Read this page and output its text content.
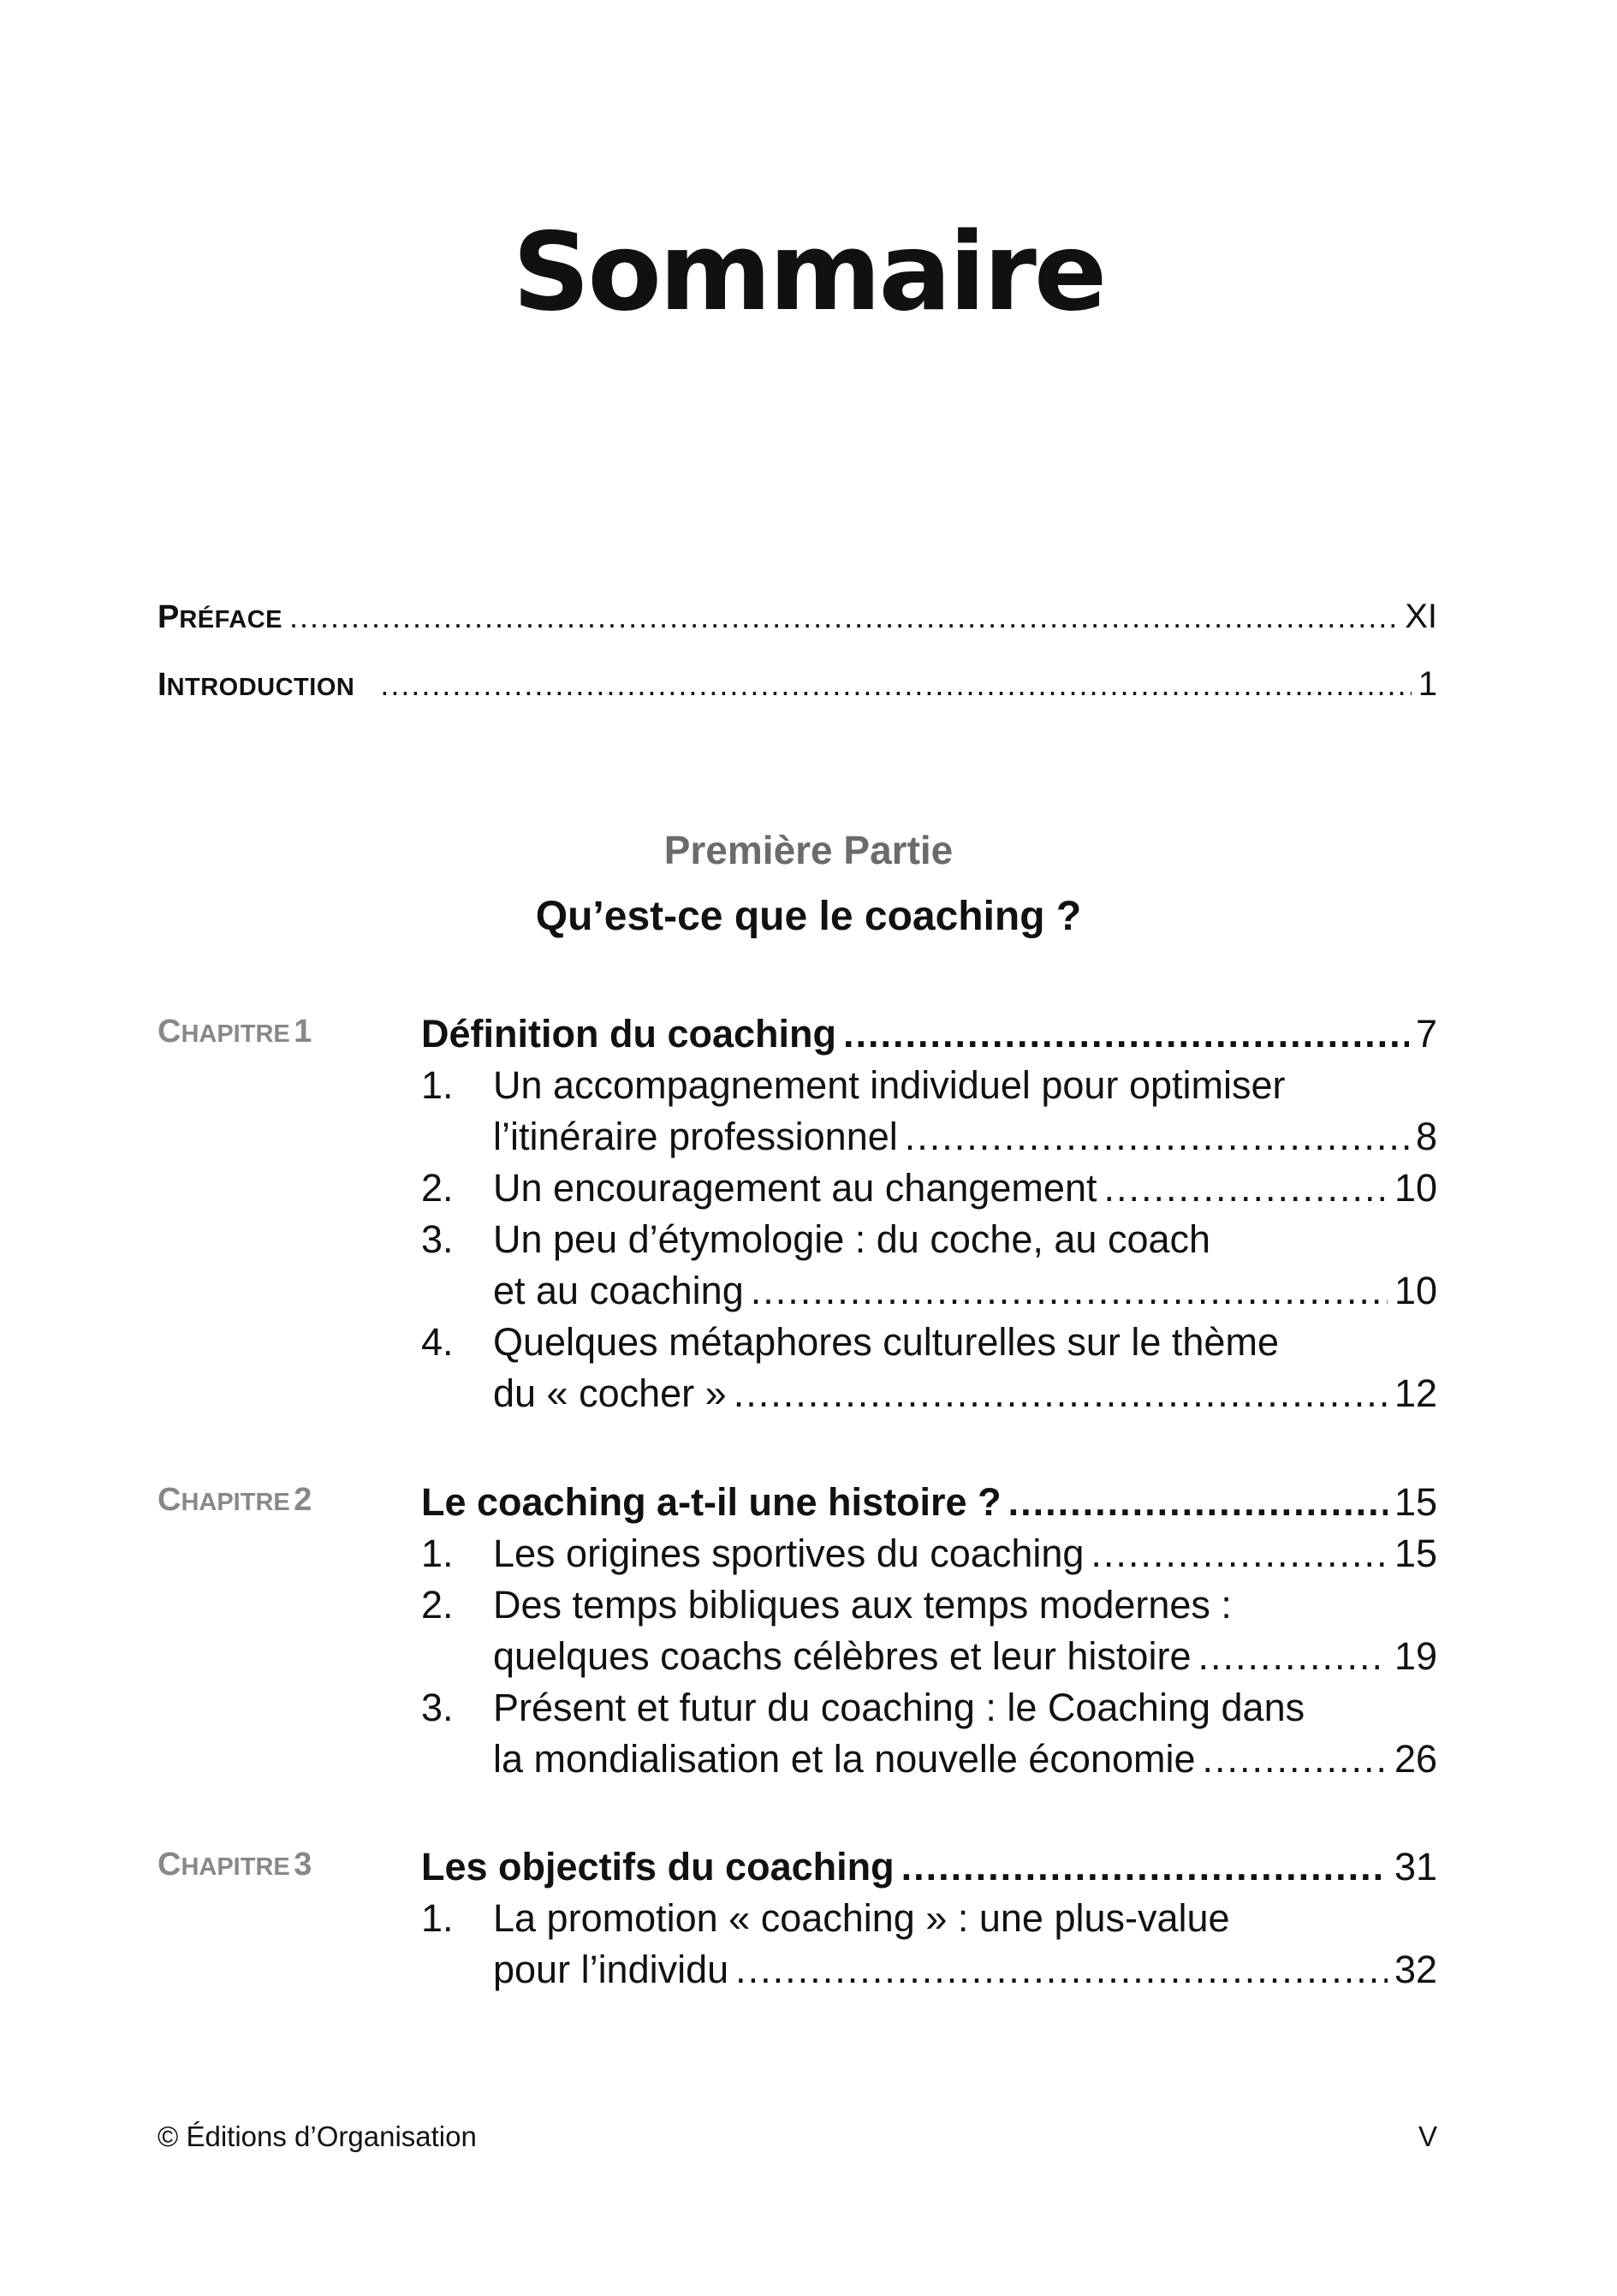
Sommaire
PRÉFACE .....	XI
INTRODUCTION .....	1
Première Partie
Qu’est-ce que le coaching ?
CHAPITRE 1	Définition du coaching .....	7
1.	Un accompagnement individuel pour optimiser
l’itinéraire professionnel .....	8
2.	Un encouragement au changement .....	10
3.	Un peu d’étymologie : du coche, au coach
et au coaching .....	10
4.	Quelques métaphores culturelles sur le thème
du « cocher » .....	12
CHAPITRE 2	Le coaching a-t-il une histoire ? .....	15
1.	Les origines sportives du coaching .....	15
2.	Des temps bibliques aux temps modernes :
quelques coachs célèbres et leur histoire .....	19
3.	Présent et futur du coaching : le Coaching dans
la mondialisation et la nouvelle économie .....	26
CHAPITRE 3	Les objectifs du coaching .....	31
1.	La promotion « coaching » : une plus-value
pour l’individu .....	32
© Éditions d’Organisation	V
